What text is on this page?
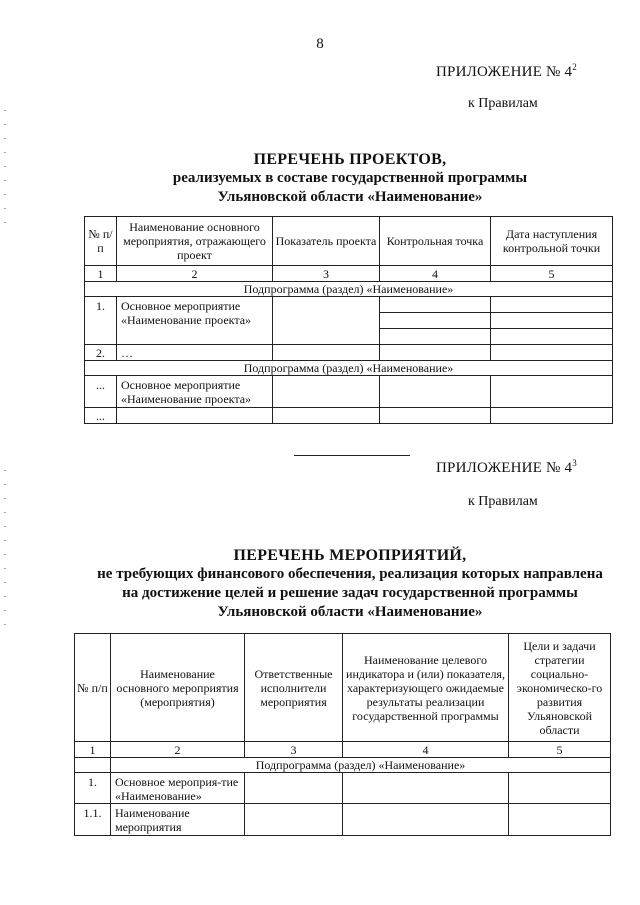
8
ПРИЛОЖЕНИЕ № $4^2$
к Правилам
ПЕРЕЧЕНЬ ПРОЕКТОВ,
реализуемых в составе государственной программы
Ульяновской области «Наименование»
№ п/п	Наименование основного мероприятия, отражающего проект	Показатель проекта	Контрольная точка	Дата наступления контрольной точки
1	2	3	4	5
Подпрограмма (раздел) «Наименование»				
1.	Основное мероприятие «Наименование проекта»			

2.	…			
Подпрограмма (раздел) «Наименование»				
...	Основное мероприятие «Наименование проекта»			
...				
ПРИЛОЖЕНИЕ № $4^3$
к Правилам
ПЕРЕЧЕНЬ МЕРОПРИЯТИЙ,
не требующих финансового обеспечения, реализация которых направлена
на достижение целей и решение задач государственной программы
Ульяновской области «Наименование»
№ п/п	Наименование основного мероприятия (мероприятия)	Ответственные исполнители мероприятия	Наименование целевого индикатора и (или) показателя, характеризующего ожидаемые результаты реализации государственной программы	Цели и задачи стратегии социально-экономическо-го развития Ульяновской области
1	2	3	4	5
	Подпрограмма (раздел) «Наименование»			
1.	Основное мероприя-тие «Наименование»			
1.1.	Наименование мероприятия			
